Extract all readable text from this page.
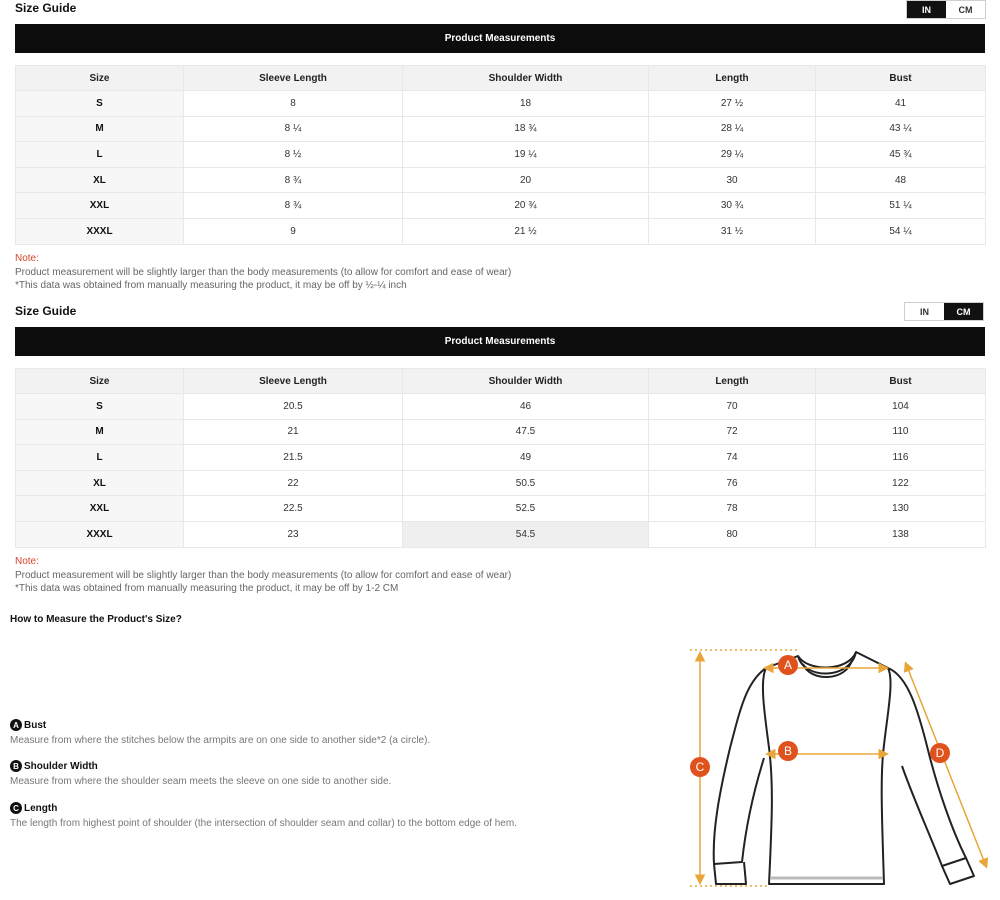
Size Guide	IN	CM
Product Measurements
Size	Sleeve Length	Shoulder Width	Length	Bust
S	8	18	27 ½	41
M	8 ¼	18 ¾	28 ¼	43 ¼
L	8 ½	19 ¼	29 ¼	45 ¾
XL	8 ¾	20	30	48
XXL	8 ¾	20 ¾	30 ¾	51 ¼
XXXL	9	21 ½	31 ½	54 ¼
Note:
Product measurement will be slightly larger than the body measurements (to allow for comfort and ease of wear)
*This data was obtained from manually measuring the product, it may be off by ½-¼ inch
Size Guide	IN	CM
Product Measurements
Size	Sleeve Length	Shoulder Width	Length	Bust
S	20.5	46	70	104
M	21	47.5	72	110
L	21.5	49	74	116
XL	22	50.5	76	122
XXL	22.5	52.5	78	130
XXXL	23	54.5	80	138
Note:
Product measurement will be slightly larger than the body measurements (to allow for comfort and ease of wear)
*This data was obtained from manually measuring the product, it may be off by 1-2 CM
How to Measure the Product's Size?
A Bust
Measure from where the stitches below the armpits are on one side to another side*2 (a circle).
B Shoulder Width
Measure from where the shoulder seam meets the sleeve on one side to another side.
C Length
The length from highest point of shoulder (the intersection of shoulder seam and collar) to the bottom edge of hem.
A
B
C
D
